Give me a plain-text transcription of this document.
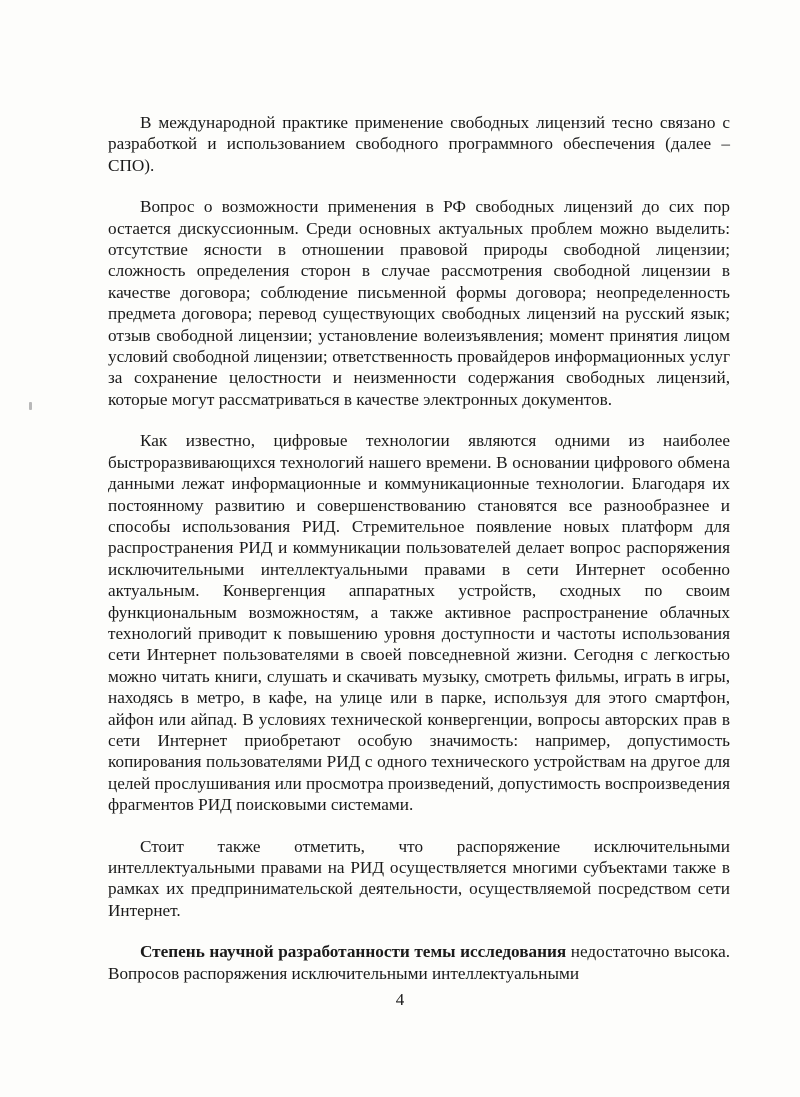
В международной практике применение свободных лицензий тесно связано с разработкой и использованием свободного программного обеспечения (далее – СПО).

Вопрос о возможности применения в РФ свободных лицензий до сих пор остается дискуссионным. Среди основных актуальных проблем можно выделить: отсутствие ясности в отношении правовой природы свободной лицензии; сложность определения сторон в случае рассмотрения свободной лицензии в качестве договора; соблюдение письменной формы договора; неопределенность предмета договора; перевод существующих свободных лицензий на русский язык; отзыв свободной лицензии; установление волеизъявления; момент принятия лицом условий свободной лицензии; ответственность провайдеров информационных услуг за сохранение целостности и неизменности содержания свободных лицензий, которые могут рассматриваться в качестве электронных документов.

Как известно, цифровые технологии являются одними из наиболее быстроразвивающихся технологий нашего времени. В основании цифрового обмена данными лежат информационные и коммуникационные технологии. Благодаря их постоянному развитию и совершенствованию становятся все разнообразнее и способы использования РИД. Стремительное появление новых платформ для распространения РИД и коммуникации пользователей делает вопрос распоряжения исключительными интеллектуальными правами в сети Интернет особенно актуальным. Конвергенция аппаратных устройств, сходных по своим функциональным возможностям, а также активное распространение облачных технологий приводит к повышению уровня доступности и частоты использования сети Интернет пользователями в своей повседневной жизни. Сегодня с легкостью можно читать книги, слушать и скачивать музыку, смотреть фильмы, играть в игры, находясь в метро, в кафе, на улице или в парке, используя для этого смартфон, айфон или айпад. В условиях технической конвергенции, вопросы авторских прав в сети Интернет приобретают особую значимость: например, допустимость копирования пользователями РИД с одного технического устройствам на другое для целей прослушивания или просмотра произведений, допустимость воспроизведения фрагментов РИД поисковыми системами.

Стоит также отметить, что распоряжение исключительными интеллектуальными правами на РИД осуществляется многими субъектами также в рамках их предпринимательской деятельности, осуществляемой посредством сети Интернет.

Степень научной разработанности темы исследования недостаточно высока. Вопросов распоряжения исключительными интеллектуальными

4
